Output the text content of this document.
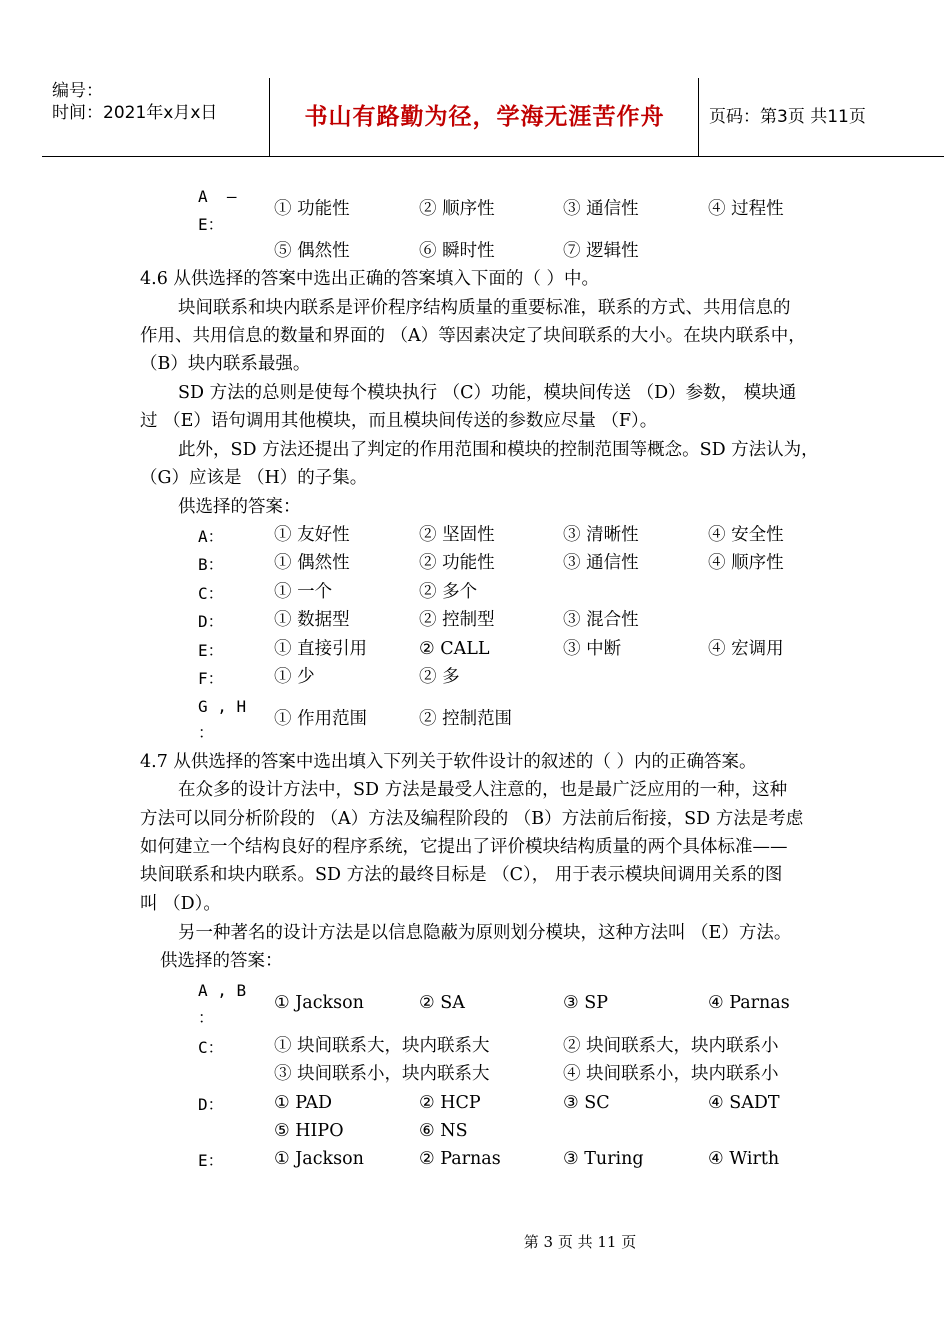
编号：
时间：2021年x月x日	书山有路勤为径，学海无涯苦作舟	页码：第3页 共11页
A  –
E：
① 功能性	② 顺序性	③ 通信性	④ 过程性
⑤ 偶然性	⑥ 瞬时性	⑦ 逻辑性
4.6 从供选择的答案中选出正确的答案填入下面的（ ）中。
块间联系和块内联系是评价程序结构质量的重要标准，联系的方式、共用信息的
作用、共用信息的数量和界面的 （A）等因素决定了块间联系的大小。在块内联系中，
（B）块内联系最强。
SD 方法的总则是使每个模块执行 （C）功能，模块间传送 （D）参数， 模块通
过 （E）语句调用其他模块，而且模块间传送的参数应尽量 （F）。
此外，SD 方法还提出了判定的作用范围和模块的控制范围等概念。SD 方法认为，
（G）应该是 （H）的子集。
供选择的答案：
A：	① 友好性	② 坚固性	③ 清晰性	④ 安全性
B：	① 偶然性	② 功能性	③ 通信性	④ 顺序性
C：	① 一个	② 多个
D：	① 数据型	② 控制型	③ 混合性
E：	① 直接引用	② CALL	③ 中断	④ 宏调用
F：	① 少	② 多
G , H
：
① 作用范围	② 控制范围
4.7 从供选择的答案中选出填入下列关于软件设计的叙述的（ ）内的正确答案。
在众多的设计方法中，SD 方法是最受人注意的，也是最广泛应用的一种，这种
方法可以同分析阶段的 （A）方法及编程阶段的 （B）方法前后衔接，SD 方法是考虑
如何建立一个结构良好的程序系统，它提出了评价模块结构质量的两个具体标准——
块间联系和块内联系。SD 方法的最终目标是 （C）， 用于表示模块间调用关系的图
叫 （D）。
另一种著名的设计方法是以信息隐蔽为原则划分模块，这种方法叫 （E）方法。
供选择的答案：
A , B
：
① Jackson	② SA	③ SP	④ Parnas
C：	① 块间联系大，块内联系大	② 块间联系大，块内联系小
③ 块间联系小，块内联系大	④ 块间联系小，块内联系小
D：	① PAD	② HCP	③ SC	④ SADT
⑤ HIPO	⑥ NS
E：	① Jackson	② Parnas	③ Turing	④ Wirth
第 3 页 共 11 页
